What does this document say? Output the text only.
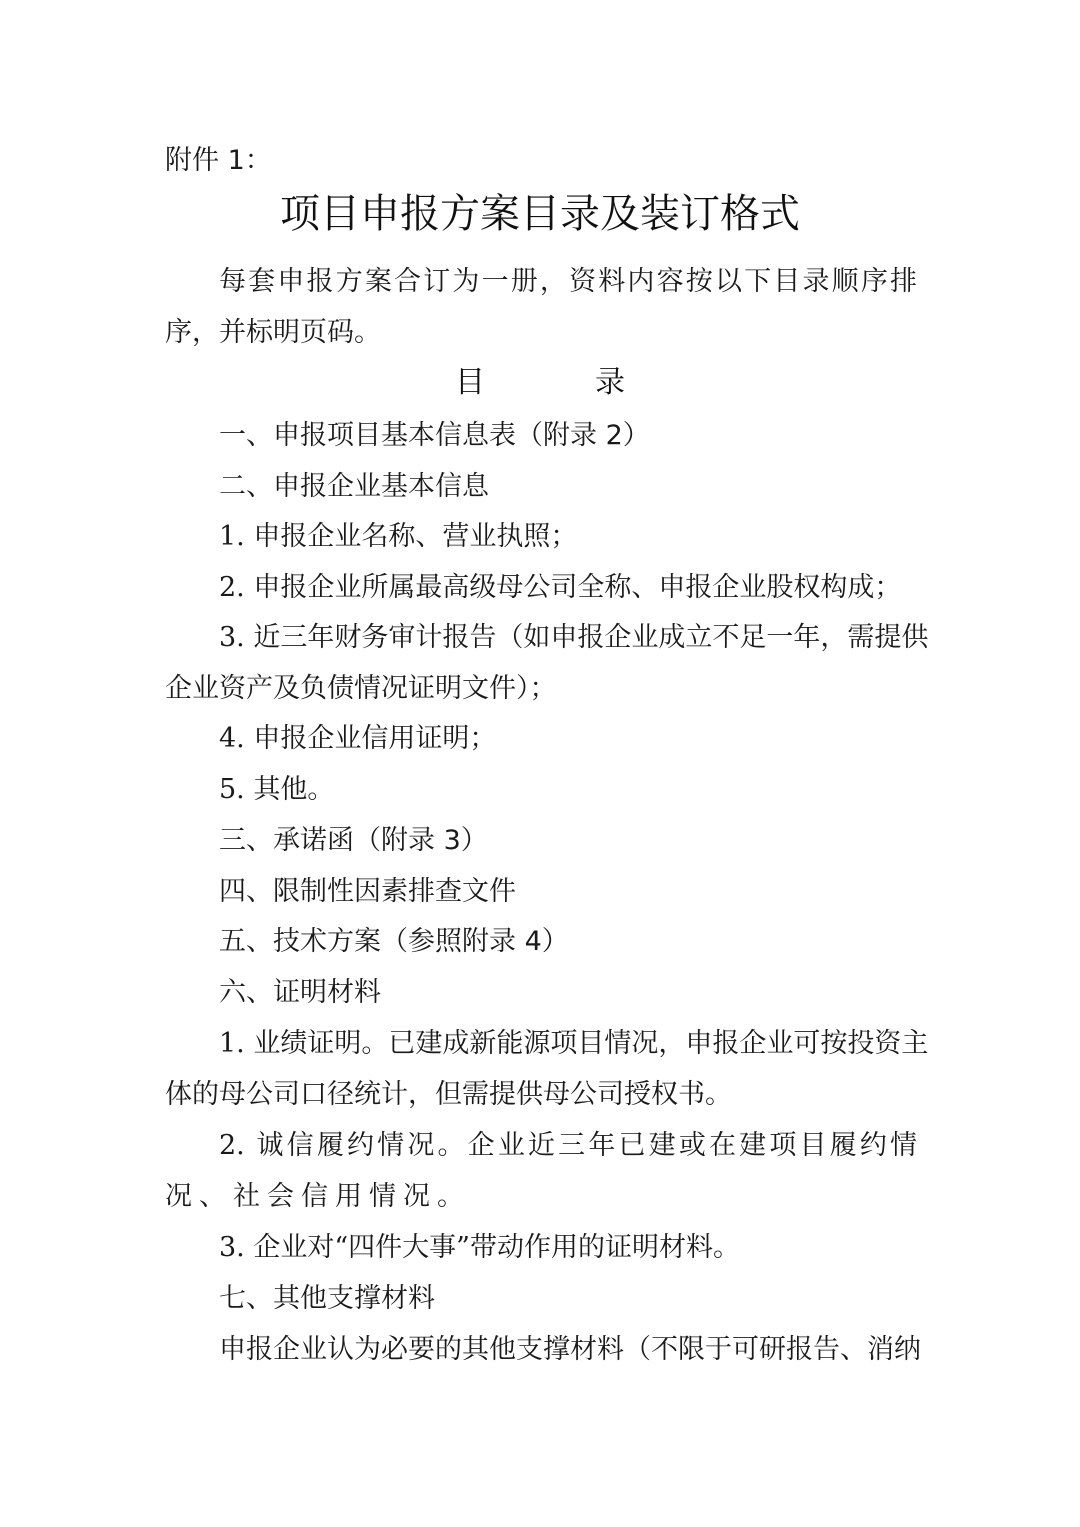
附件 1：

项目申报方案目录及装订格式

每套申报方案合订为一册，资料内容按以下目录顺序排

序，并标明页码。

目　录

一、申报项目基本信息表（附录 2）

二、申报企业基本信息

1. 申报企业名称、营业执照；

2. 申报企业所属最高级母公司全称、申报企业股权构成；

3. 近三年财务审计报告（如申报企业成立不足一年，需提供

企业资产及负债情况证明文件）；

4. 申报企业信用证明；

5. 其他。

三、承诺函（附录 3）

四、限制性因素排查文件

五、技术方案（参照附录 4）

六、证明材料

1. 业绩证明。已建成新能源项目情况，申报企业可按投资主

体的母公司口径统计，但需提供母公司授权书。

2. 诚信履约情况。企业近三年已建或在建项目履约情

况、社会信用情况。

3. 企业对“四件大事”带动作用的证明材料。

七、其他支撑材料

申报企业认为必要的其他支撑材料（不限于可研报告、消纳
